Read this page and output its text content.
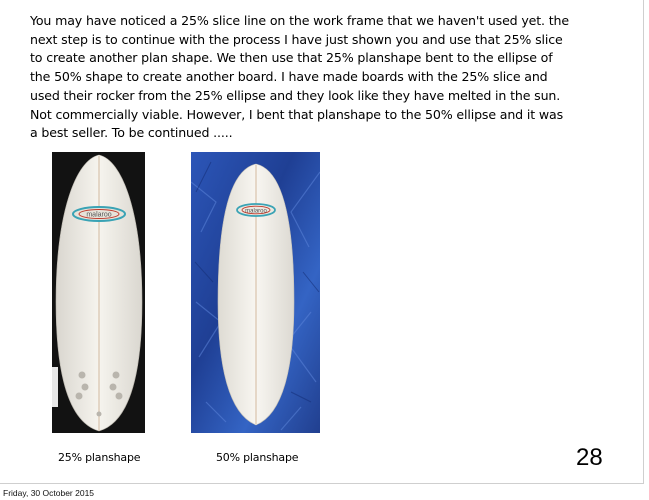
You may have noticed a 25% slice line on the work frame that we haven't used yet. the
next step is to continue with the process I have just shown you and use that 25% slice
to create another plan shape. We then use that 25% planshape bent to the ellipse of
the 50% shape to create another board. I have made boards with the 25% slice and
used their rocker from the 25% ellipse and they look like they have melted in the sun.
Not commercially viable. However, I bent that planshape to the 50% ellipse and it was
a best seller. To be continued .....

malaroo
malaroo
25% planshape	50% planshape	28
Friday, 30 October 2015
